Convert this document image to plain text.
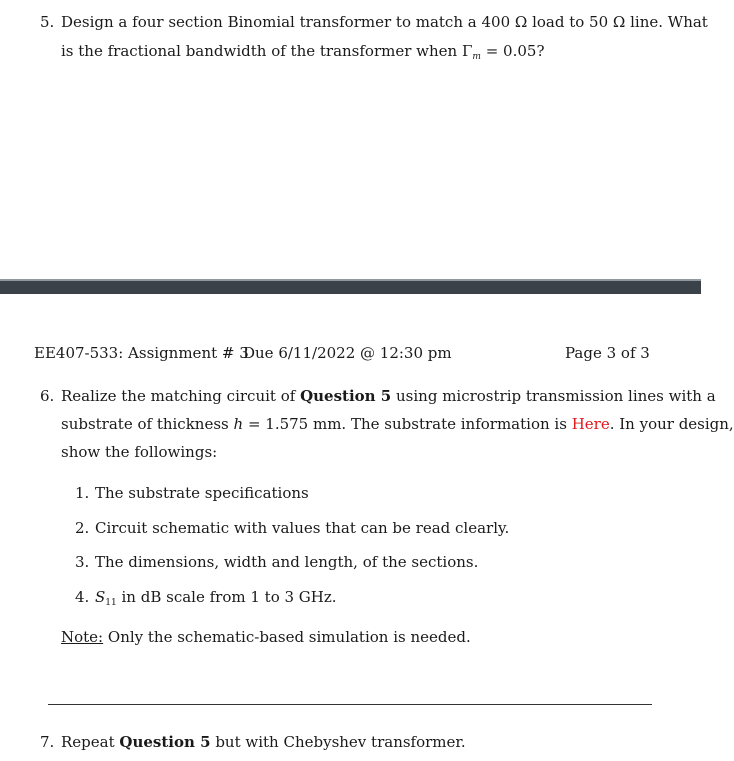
5. Design a four section Binomial transformer to match a 400 Ω load to 50 Ω line. What
is the fractional bandwidth of the transformer when $\Gamma_m = 0.05$?
EE407-533: Assignment # 3
Due 6/11/2022 @ 12:30 pm	Page 3 of 3
6. Realize the matching circuit of Question 5 using microstrip transmission lines with a
substrate of thickness h = 1.575 mm. The substrate information is Here. In your design,
show the followings:
1. The substrate specifications
2. Circuit schematic with values that can be read clearly.
3. The dimensions, width and length, of the sections.
4. $S_{11}$ in dB scale from 1 to 3 GHz.
Note: Only the schematic-based simulation is needed.
7. Repeat Question 5 but with Chebyshev transformer.
